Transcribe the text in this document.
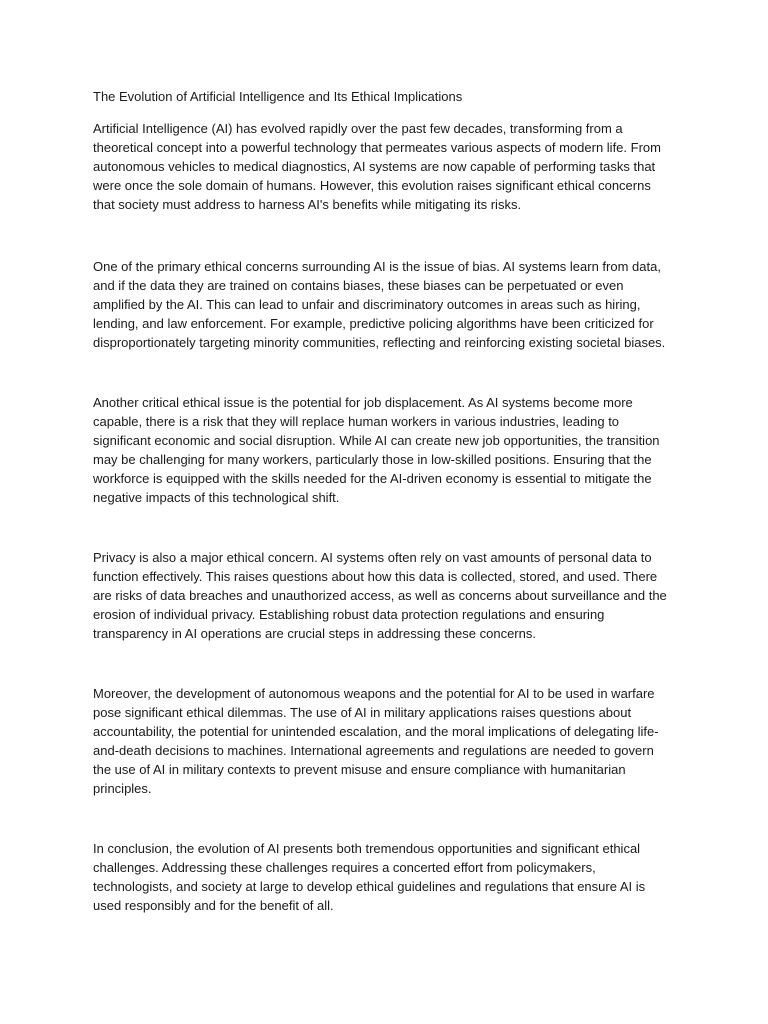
The Evolution of Artificial Intelligence and Its Ethical Implications

Artificial Intelligence (AI) has evolved rapidly over the past few decades, transforming from a theoretical concept into a powerful technology that permeates various aspects of modern life. From autonomous vehicles to medical diagnostics, AI systems are now capable of performing tasks that were once the sole domain of humans. However, this evolution raises significant ethical concerns that society must address to harness AI's benefits while mitigating its risks.

One of the primary ethical concerns surrounding AI is the issue of bias. AI systems learn from data, and if the data they are trained on contains biases, these biases can be perpetuated or even amplified by the AI. This can lead to unfair and discriminatory outcomes in areas such as hiring, lending, and law enforcement. For example, predictive policing algorithms have been criticized for disproportionately targeting minority communities, reflecting and reinforcing existing societal biases.

Another critical ethical issue is the potential for job displacement. As AI systems become more capable, there is a risk that they will replace human workers in various industries, leading to significant economic and social disruption. While AI can create new job opportunities, the transition may be challenging for many workers, particularly those in low-skilled positions. Ensuring that the workforce is equipped with the skills needed for the AI-driven economy is essential to mitigate the negative impacts of this technological shift.

Privacy is also a major ethical concern. AI systems often rely on vast amounts of personal data to function effectively. This raises questions about how this data is collected, stored, and used. There are risks of data breaches and unauthorized access, as well as concerns about surveillance and the erosion of individual privacy. Establishing robust data protection regulations and ensuring transparency in AI operations are crucial steps in addressing these concerns.

Moreover, the development of autonomous weapons and the potential for AI to be used in warfare pose significant ethical dilemmas. The use of AI in military applications raises questions about accountability, the potential for unintended escalation, and the moral implications of delegating life-and-death decisions to machines. International agreements and regulations are needed to govern the use of AI in military contexts to prevent misuse and ensure compliance with humanitarian principles.

In conclusion, the evolution of AI presents both tremendous opportunities and significant ethical challenges. Addressing these challenges requires a concerted effort from policymakers, technologists, and society at large to develop ethical guidelines and regulations that ensure AI is used responsibly and for the benefit of all.
